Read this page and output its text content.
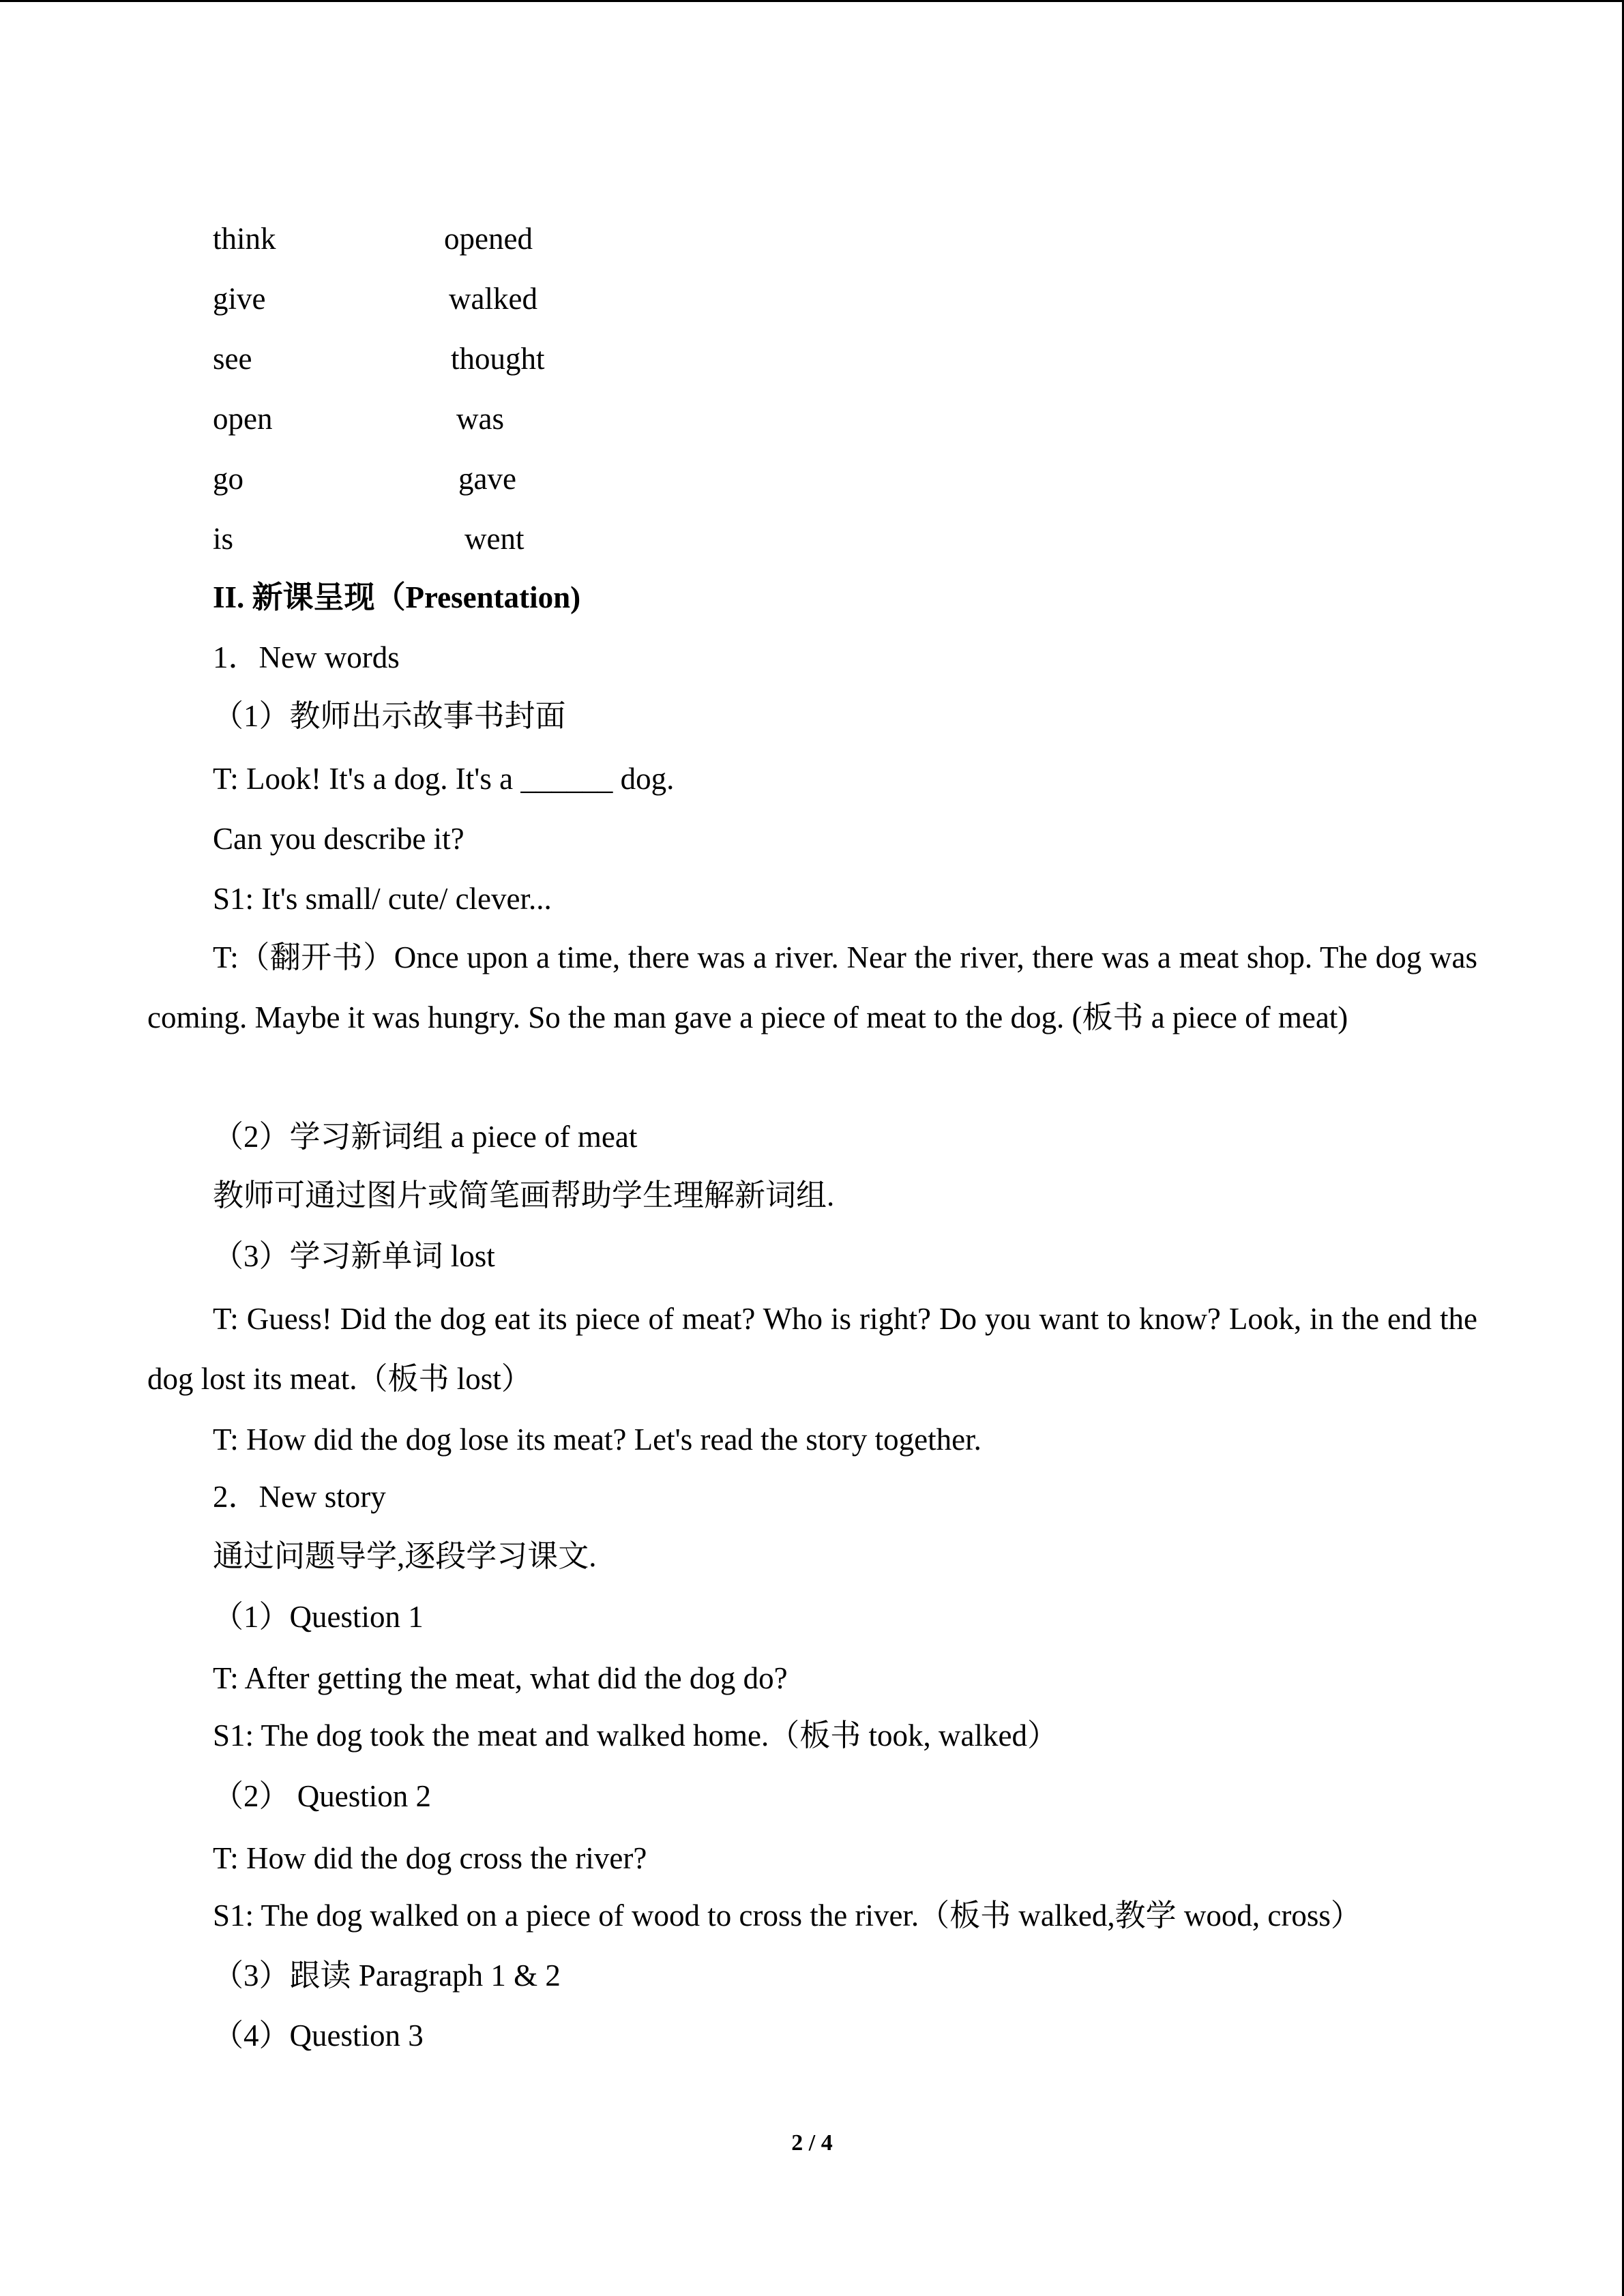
think	opened
give	walked
see	thought
open	was
go	gave
is	went
II. 新课呈现（Presentation)
1．New words
（1）教师出示故事书封面
T: Look! It's a dog. It's a ______ dog.
Can you describe it?
S1: It's small/ cute/ clever...
T:（翻开书）Once upon a time, there was a river. Near the river, there was a meat shop. The dog was coming. Maybe it was hungry. So the man gave a piece of meat to the dog. (板书 a piece of meat)
（2）学习新词组 a piece of meat
教师可通过图片或简笔画帮助学生理解新词组.
（3）学习新单词 lost
T: Guess! Did the dog eat its piece of meat? Who is right? Do you want to know? Look, in the end the dog lost its meat.（板书 lost）
T: How did the dog lose its meat? Let's read the story together.
2．New story
通过问题导学,逐段学习课文.
（1）Question 1
T: After getting the meat, what did the dog do?
S1: The dog took the meat and walked home.（板书 took, walked）
（2） Question 2
T: How did the dog cross the river?
S1: The dog walked on a piece of wood to cross the river.（板书 walked,教学 wood, cross）
（3）跟读 Paragraph 1 & 2
（4）Question 3
2 / 4
